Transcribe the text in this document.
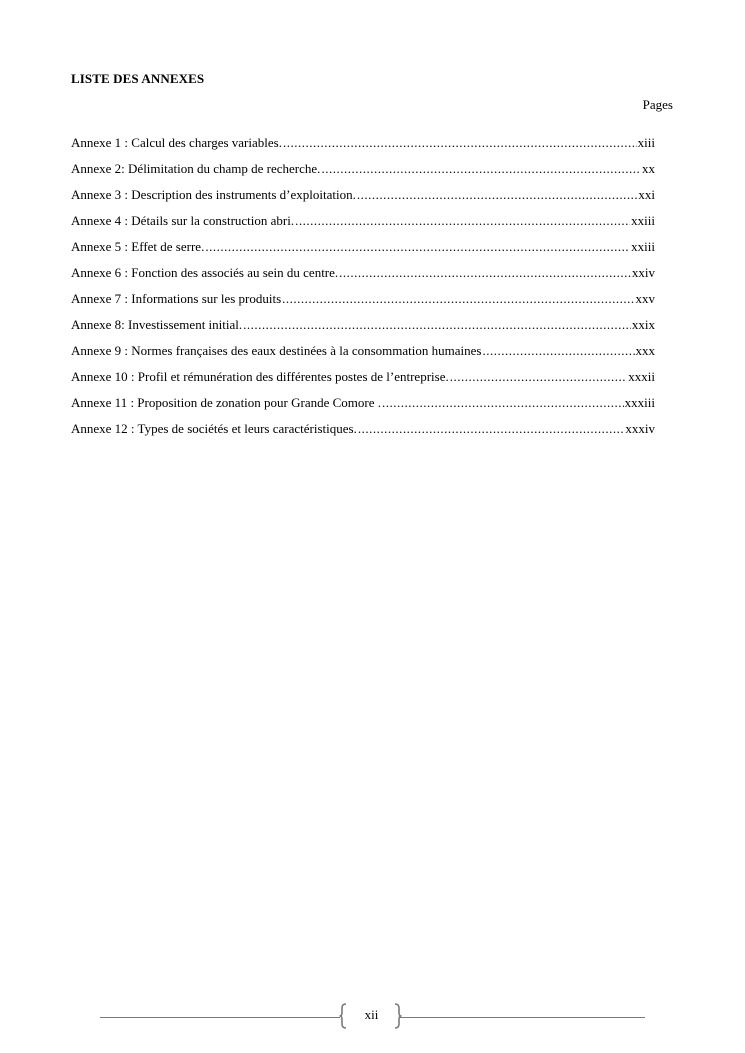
LISTE DES ANNEXES
Pages
Annexe 1 : Calcul des charges variables. .....	xiii
Annexe 2: Délimitation du champ de recherche. .....	xx
Annexe 3 : Description des instruments d’exploitation. .....	xxi
Annexe 4 : Détails sur la construction abri. .....	xxiii
Annexe 5 : Effet de serre. .....	xxiii
Annexe 6 : Fonction des associés au sein du centre. .....	xxiv
Annexe 7 : Informations sur les produits .....	xxv
Annexe 8: Investissement initial. .....	xxix
Annexe 9 : Normes françaises des eaux destinées à la consommation humaines .....	xxx
Annexe 10 : Profil et rémunération des différentes postes de l’entreprise. .....	xxxii
Annexe 11 : Proposition de zonation pour Grande Comore . .....	xxxiii
Annexe 12 : Types de sociétés et leurs caractéristiques. .....	xxxiv
xii
